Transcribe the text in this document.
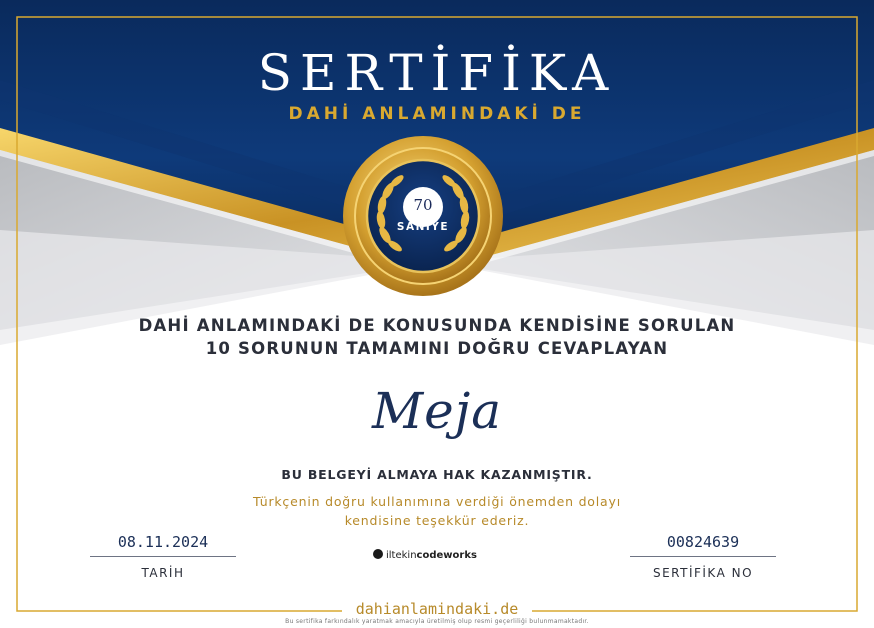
SERTİFİKA
DAHİ ANLAMINDAKİ DE
70
SANİYE
DAHİ ANLAMINDAKİ DE KONUSUNDA KENDİSİNE SORULAN
10 SORUNUN TAMAMINI DOĞRU CEVAPLAYAN
Meja
BU BELGEYİ ALMAYA HAK KAZANMIŞTIR.
Türkçenin doğru kullanımına verdiği önemden dolayı
kendisine teşekkür ederiz.
08.11.2024
TARİH
00824639
SERTİFİKA NO
iltekincodeworks
dahianlamindaki.de
Bu sertifika farkındalık yaratmak amacıyla üretilmiş olup resmi geçerliliği bulunmamaktadır.
